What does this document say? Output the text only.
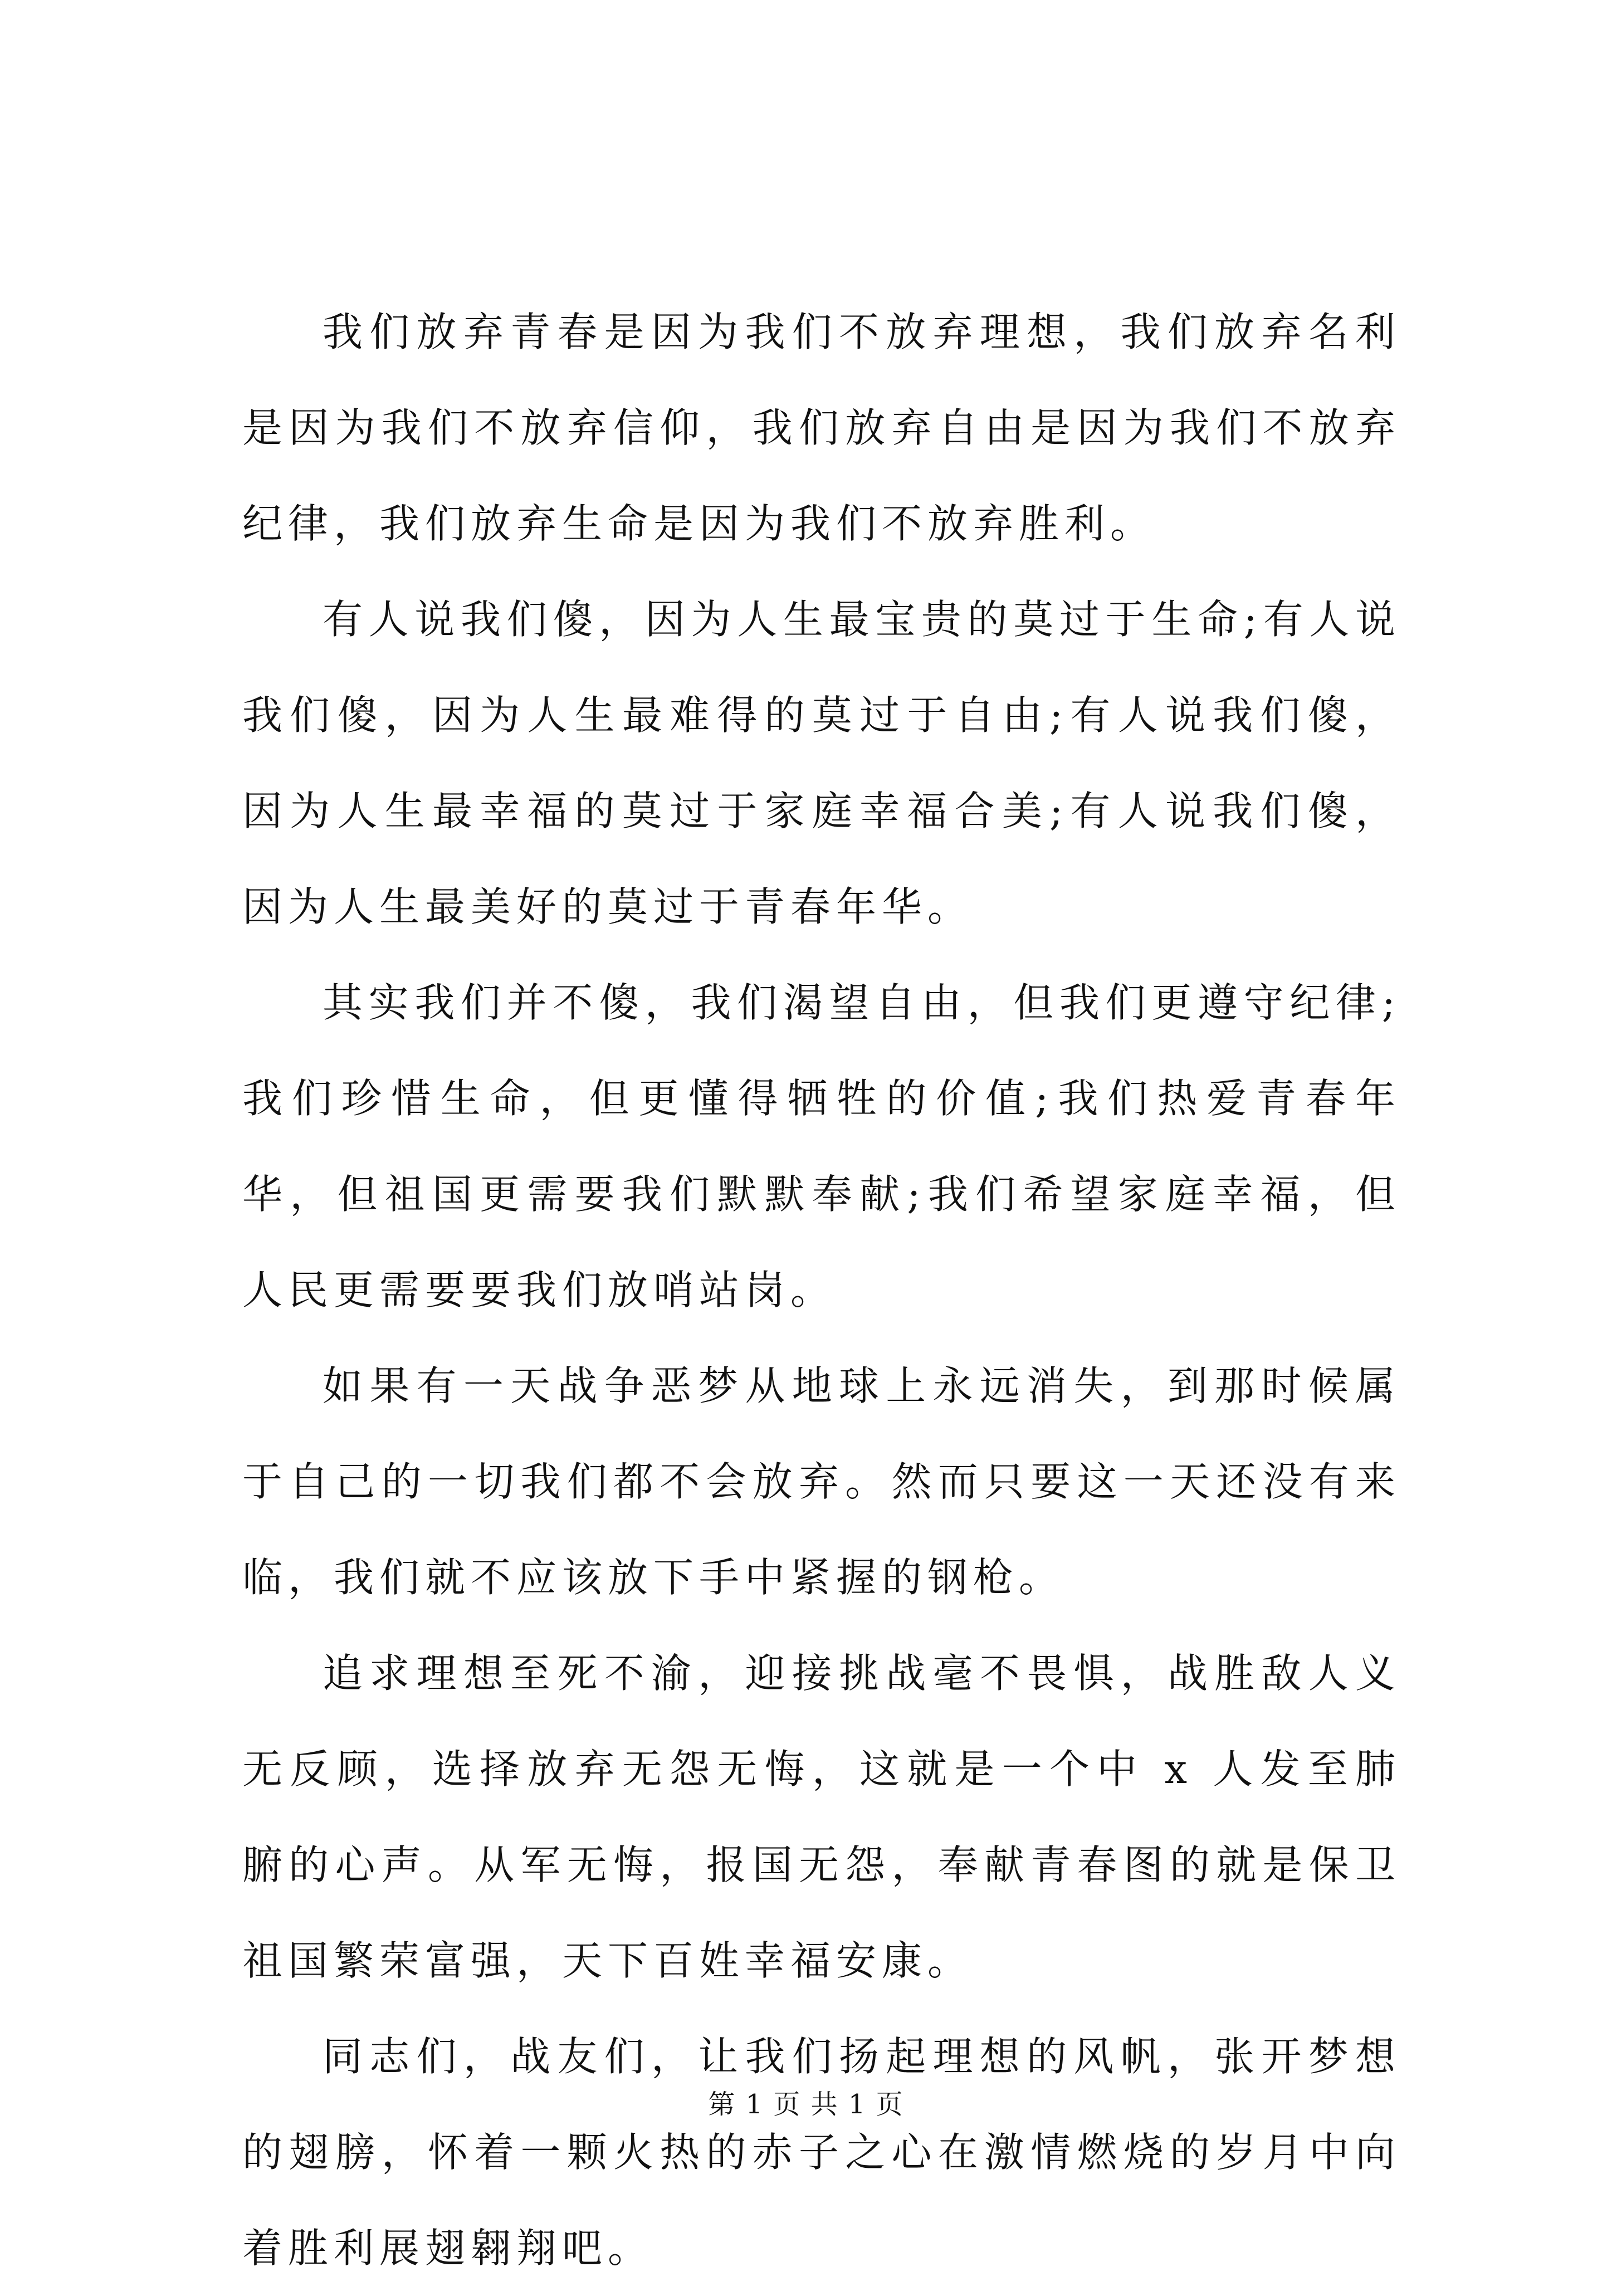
我们放弃青春是因为我们不放弃理想，我们放弃名利是因为我们不放弃信仰，我们放弃自由是因为我们不放弃纪律，我们放弃生命是因为我们不放弃胜利。

有人说我们傻，因为人生最宝贵的莫过于生命;有人说我们傻，因为人生最难得的莫过于自由;有人说我们傻，因为人生最幸福的莫过于家庭幸福合美;有人说我们傻，因为人生最美好的莫过于青春年华。

其实我们并不傻，我们渴望自由，但我们更遵守纪律;我们珍惜生命，但更懂得牺牲的价值;我们热爱青春年华，但祖国更需要我们默默奉献;我们希望家庭幸福，但人民更需要要我们放哨站岗。

如果有一天战争恶梦从地球上永远消失，到那时候属于自己的一切我们都不会放弃。然而只要这一天还没有来临，我们就不应该放下手中紧握的钢枪。

追求理想至死不渝，迎接挑战毫不畏惧，战胜敌人义无反顾，选择放弃无怨无悔，这就是一个中 x 人发至肺腑的心声。从军无悔，报国无怨，奉献青春图的就是保卫祖国繁荣富强，天下百姓幸福安康。

同志们，战友们，让我们扬起理想的风帆，张开梦想的翅膀，怀着一颗火热的赤子之心在激情燃烧的岁月中向着胜利展翅翱翔吧。

第 1 页 共 1 页
